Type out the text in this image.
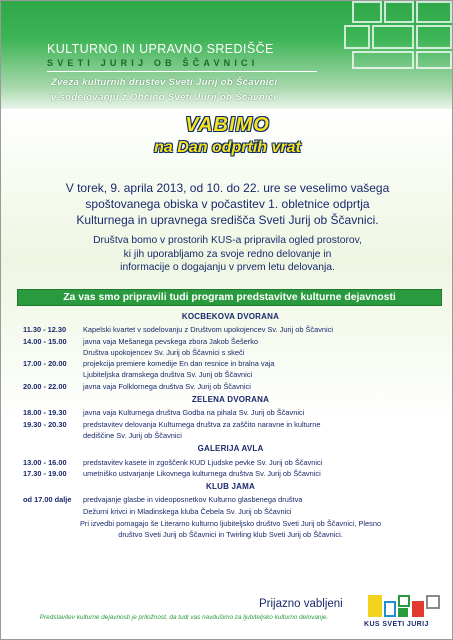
KULTURNO IN UPRAVNO SREDIŠČE
SVETI JURIJ OB ŠČAVNICI
Zveza kulturnih društev Sveti Jurij ob Ščavnici
v sodelovanju z Občino Sveti Jurij ob Ščavnici
VABIMO
na Dan odprtih vrat
V torek, 9. aprila 2013, od 10. do 22. ure se veselimo vašega
spoštovanega obiska v počastitev 1. obletnice odprtja
Kulturnega in upravnega središča Sveti Jurij ob Ščavnici.
Društva bomo v prostorih KUS-a pripravila ogled prostorov,
ki jih uporabljamo za svoje redno delovanje in
informacije o dogajanju v prvem letu delovanja.
Za vas smo pripravili tudi program predstavitve kulturne dejavnosti
KOCBEKOVA DVORANA
11.30 - 12.30	Kapelski kvartet v sodelovanju z Društvom upokojencev Sv. Jurij ob Ščavnici
14.00 - 15.00	javna vaja Mešanega pevskega zbora Jakob Šešerko
Društva upokojencev Sv. Jurij ob Ščavnici s skeči
17.00 - 20.00	projekcija premiere komedije En dan resnice in bralna vaja
Ljubiteljska dramskega društva Sv. Jurij ob Ščavnici
20.00 - 22.00	javna vaja Folklornega društva Sv. Jurij ob Ščavnici
ZELENA DVORANA
18.00 - 19.30	javna vaja Kulturnega društva Godba na pihala Sv. Jurij ob Ščavnici
19.30 - 20.30	predstavitev delovanja Kulturnega društva za zaščito naravne in kulturne
dediščine Sv. Jurij ob Ščavnici
GALERIJA AVLA
13.00 - 16.00	predstavitev kasete in zgoščenk KUD Ljudske pevke Sv. Jurij ob Ščavnici
17.30 - 19.00	umetniško ustvarjanje Likovnega kulturnega društva Sv. Jurij ob Ščavnici
KLUB JAMA
od 17.00 dalje	predvajanje glasbe in videoposnetkov Kulturno glasbenega društva
Dežurni krivci in Mladinskega kluba Čebela Sv. Jurij ob Ščavnici
Pri izvedbi pomagajo še Literarno kulturno ljubiteljsko društvo Sveti Jurij ob Ščavnici, Plesno
društvo Sveti Jurij ob Ščavnici in Twirling klub Sveti Jurij ob Ščavnici.
Prijazno vabljeni
Predstavitev kulturne dejavnosti je priložnost, da tudi vas navdušimo za ljubiteljsko kulturno delovanje.
KUS SVETI JURIJ
